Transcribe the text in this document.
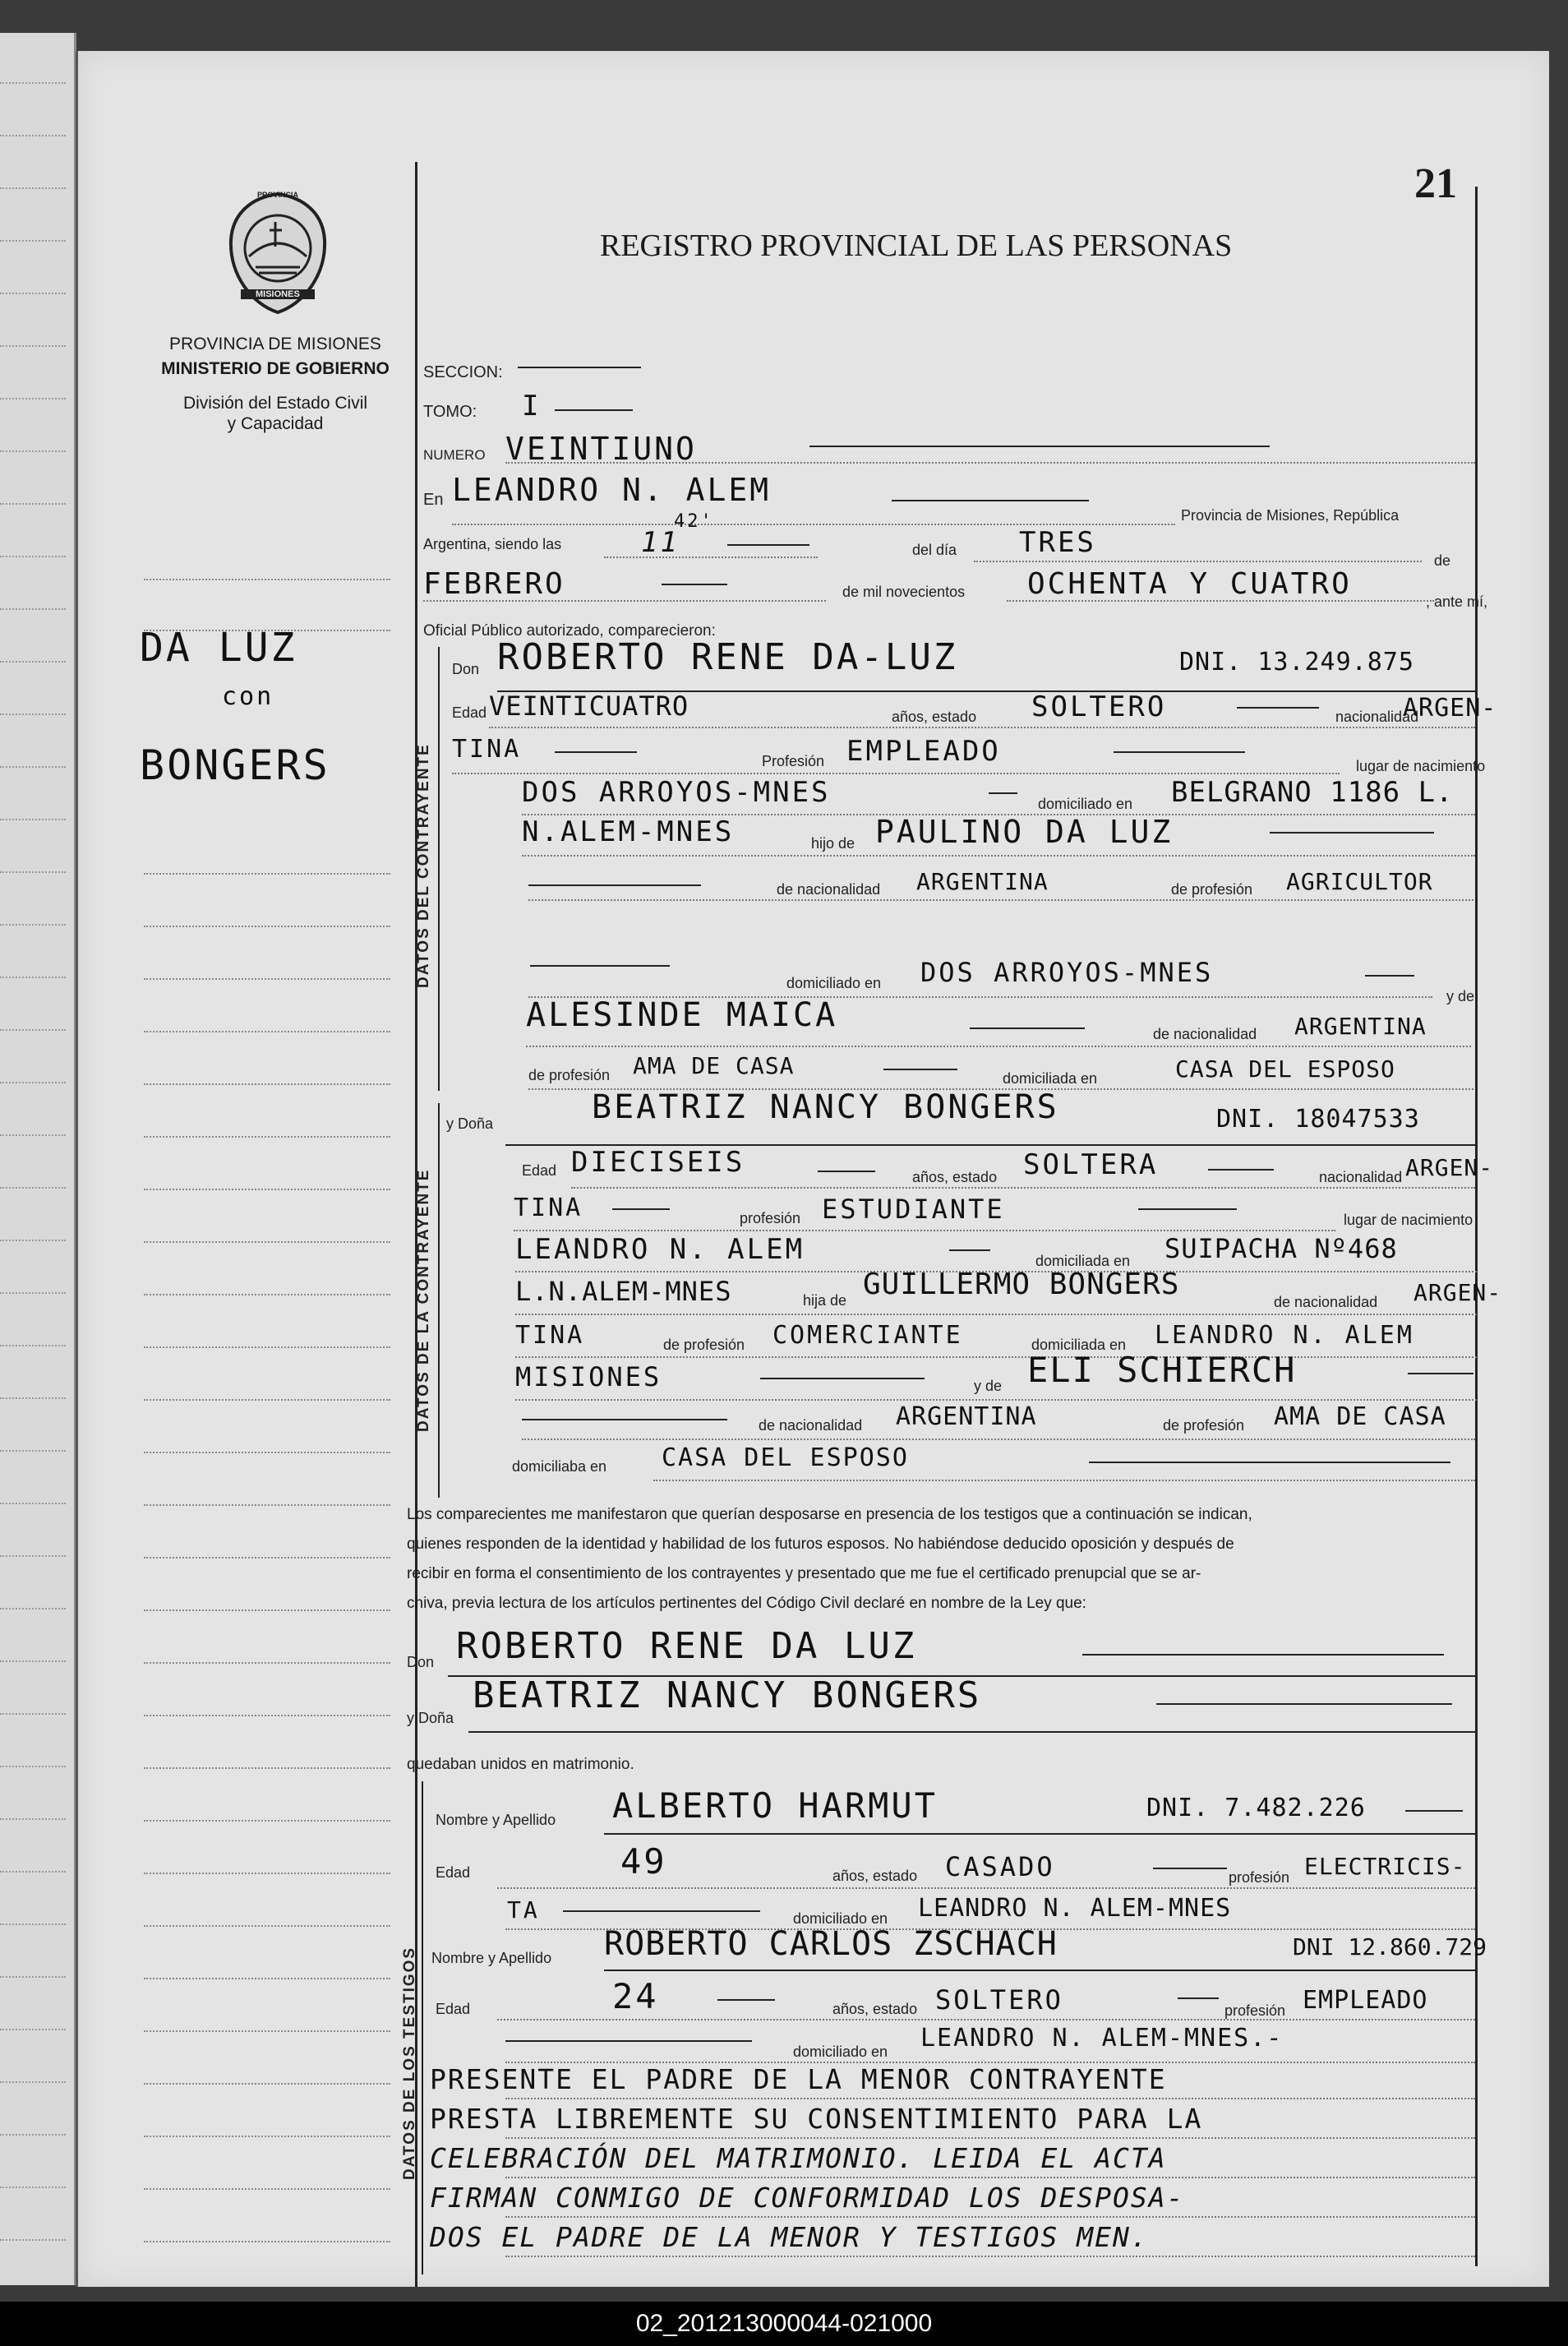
21
PROVINCIA
MISIONES
PROVINCIA DE MISIONES
MINISTERIO DE GOBIERNO
División del Estado Civil
y Capacidad
REGISTRO PROVINCIAL DE LAS PERSONAS
DA LUZ
con
BONGERS
SECCION:
TOMO: I
NUMERO VEINTIUNO
En LEANDRO N. ALEM
Provincia de Misiones, República
Argentina, siendo las	11
42'
del día TRES
de
FEBRERO	de mil novecientos OCHENTA Y CUATRO
, ante mí,
Oficial Público autorizado, comparecieron:
DATOS DEL CONTRAYENTE
Don ROBERTO RENE DA-LUZ	DNI. 13.249.875
Edad VEINTICUATRO	años, estado SOLTERO	nacionalidad
ARGEN-
TINA	Profesión EMPLEADO	lugar de nacimiento
DOS ARROYOS-MNES	domiciliado en BELGRANO 1186 L.
N.ALEM-MNES	hijo de PAULINO DA LUZ
de nacionalidad ARGENTINA	de profesión AGRICULTOR
domiciliado en DOS ARROYOS-MNES
y de
ALESINDE MAICA	de nacionalidad ARGENTINA
de profesión AMA DE CASA	domiciliada en	CASA DEL ESPOSO
DATOS DE LA CONTRAYENTE
y Doña	BEATRIZ NANCY BONGERS	DNI. 18047533
Edad DIECISEIS	años, estado SOLTERA	nacionalidad ARGEN-
TINA	profesión ESTUDIANTE	lugar de nacimiento
LEANDRO N. ALEM	domiciliada en SUIPACHA Nº468
L.N.ALEM-MNES	hija de GUILLERMO BONGERS
de nacionalidad ARGEN-
TINA	de profesión COMERCIANTE	domiciliada en LEANDRO N. ALEM
MISIONES	y de ELI SCHIERCH
de nacionalidad ARGENTINA	de profesión AMA DE CASA
domiciliaba en CASA DEL ESPOSO
Los comparecientes me manifestaron que querían desposarse en presencia de los testigos que a continuación se indican,
quienes responden de la identidad y habilidad de los futuros esposos. No habiéndose deducido oposición y después de
recibir en forma el consentimiento de los contrayentes y presentado que me fue el certificado prenupcial que se ar-
chiva, previa lectura de los artículos pertinentes del Código Civil declaré en nombre de la Ley que:
Don ROBERTO RENE DA LUZ
y Doña
BEATRIZ NANCY BONGERS
quedaban unidos en matrimonio.
DATOS DE LOS TESTIGOS
Nombre y Apellido ALBERTO HARMUT	DNI. 7.482.226
Edad	49	años, estado CASADO	profesión ELECTRICIS-
TA	domiciliado en LEANDRO N. ALEM-MNES
Nombre y Apellido ROBERTO CARLOS ZSCHACH	DNI 12.860.729
Edad	24	años, estado SOLTERO	profesión EMPLEADO
domiciliado en LEANDRO N. ALEM-MNES.-
PRESENTE EL PADRE DE LA MENOR CONTRAYENTE
PRESTA LIBREMENTE SU CONSENTIMIENTO PARA LA
CELEBRACIÓN DEL MATRIMONIO. LEIDA EL ACTA
FIRMAN CONMIGO DE CONFORMIDAD LOS DESPOSA-
DOS EL PADRE DE LA MENOR Y TESTIGOS MEN.
02_201213000044-021000
